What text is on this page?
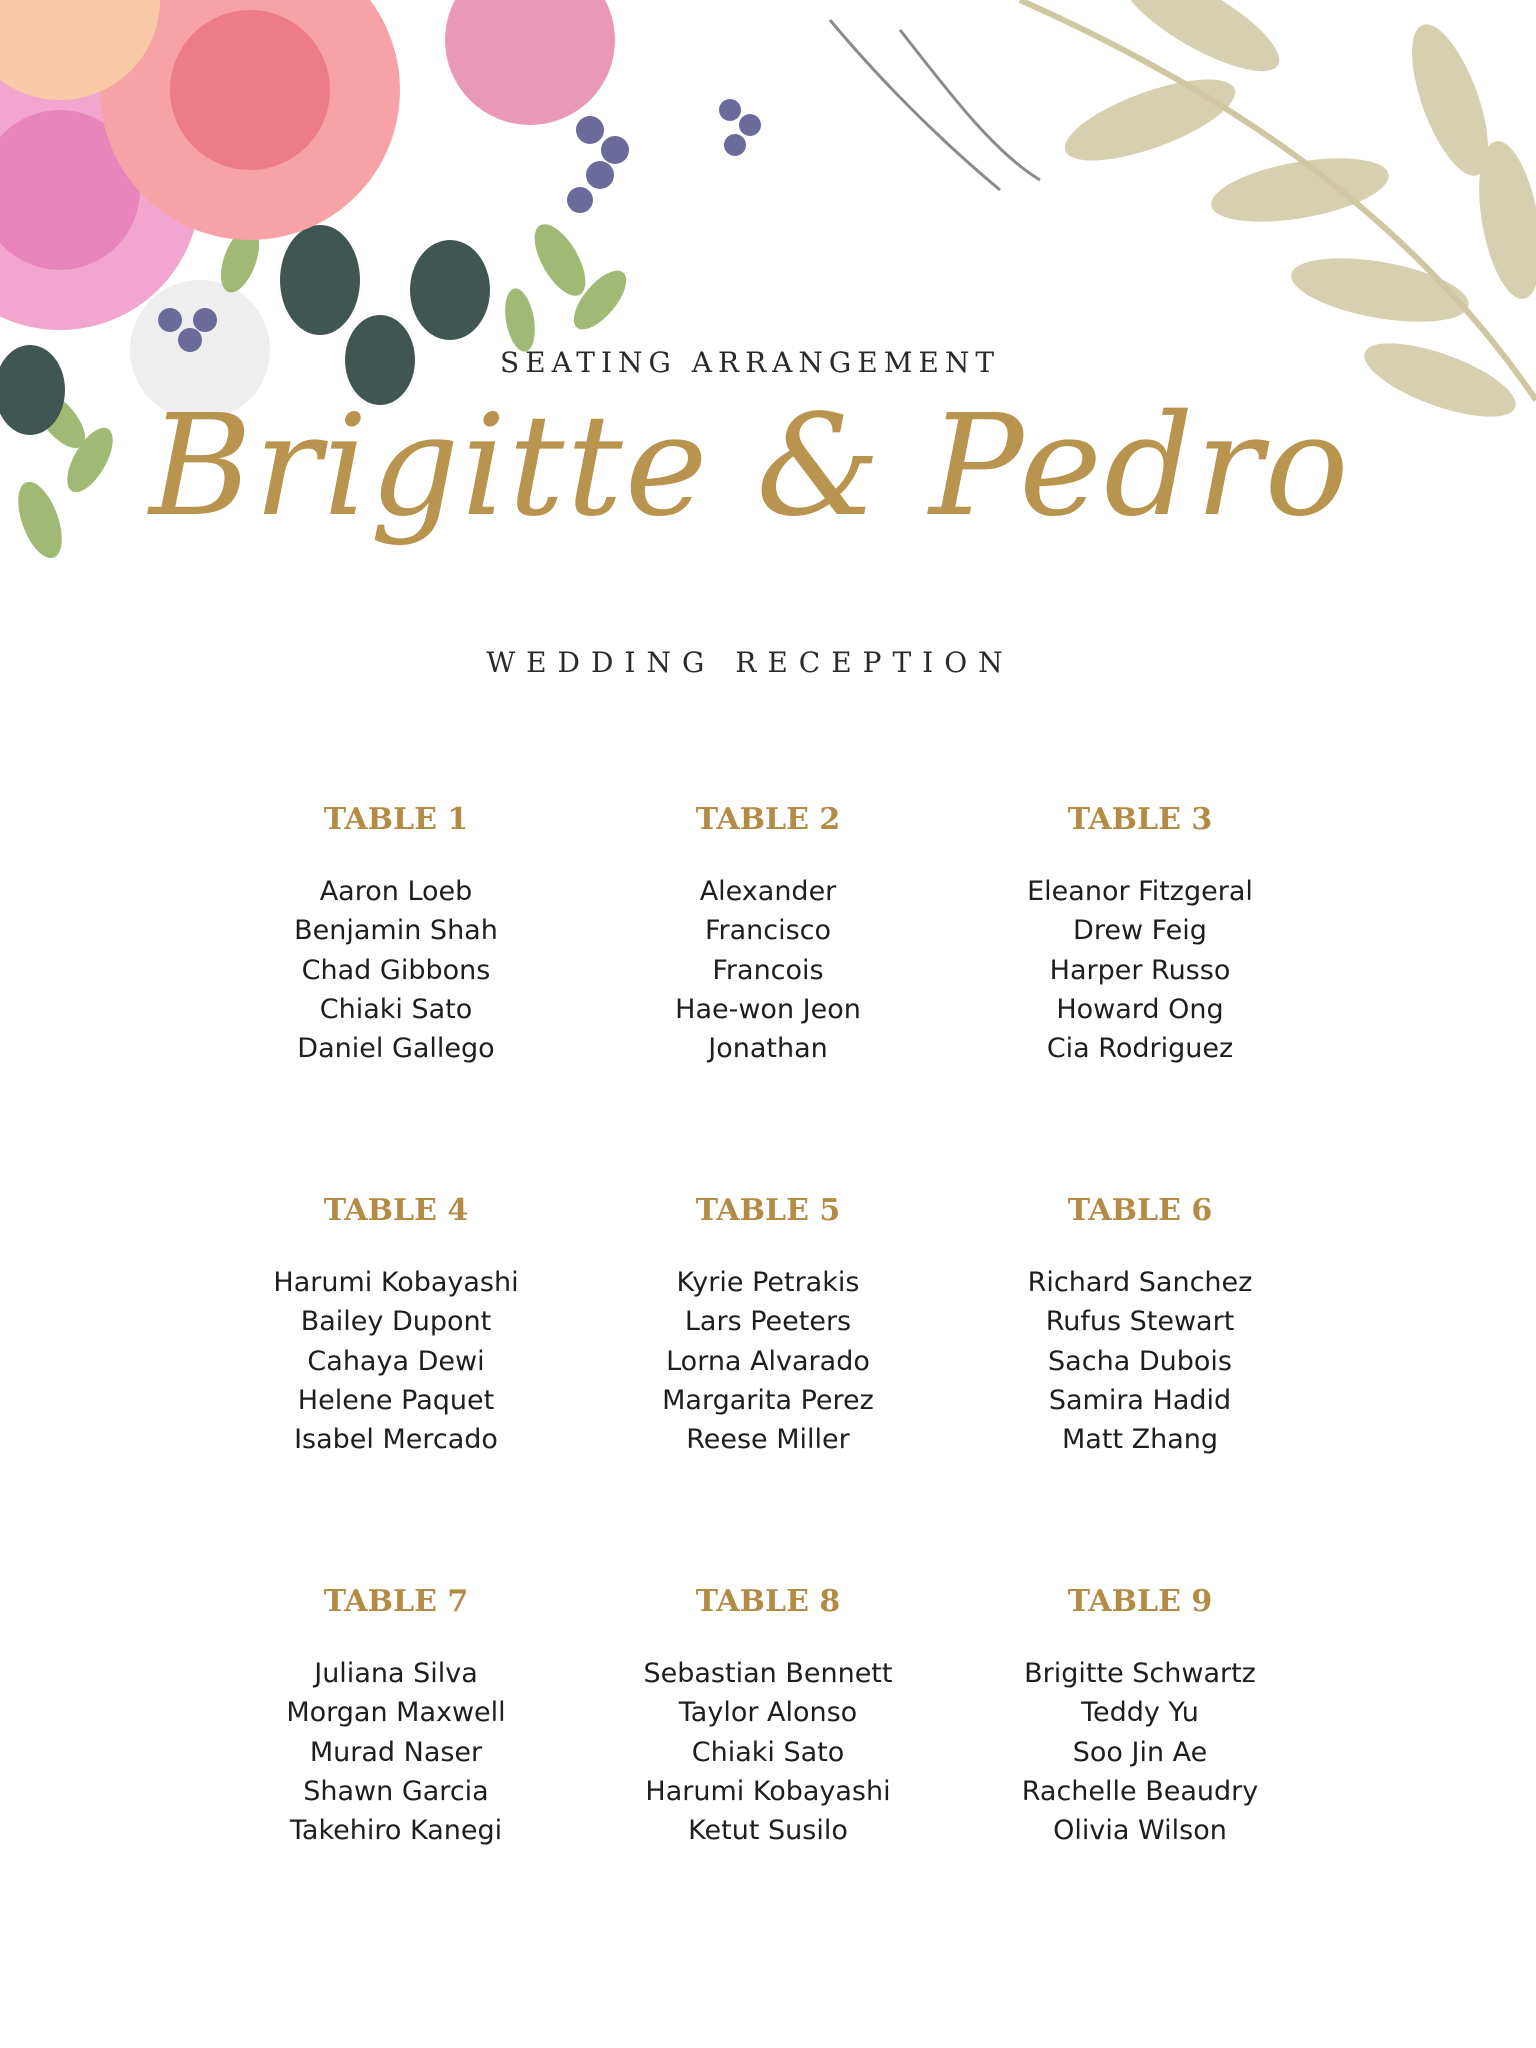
SEATING ARRANGEMENT
Brigitte & Pedro
WEDDING RECEPTION
TABLE 1
Aaron Loeb
Benjamin Shah
Chad Gibbons
Chiaki Sato
Daniel Gallego
TABLE 2
Alexander
Francisco
Francois
Hae-won Jeon
Jonathan
TABLE 3
Eleanor Fitzgeral
Drew Feig
Harper Russo
Howard Ong
Cia Rodriguez
TABLE 4
Harumi Kobayashi
Bailey Dupont
Cahaya Dewi
Helene Paquet
Isabel Mercado
TABLE 5
Kyrie Petrakis
Lars Peeters
Lorna Alvarado
Margarita Perez
Reese Miller
TABLE 6
Richard Sanchez
Rufus Stewart
Sacha Dubois
Samira Hadid
Matt Zhang
TABLE 7
Juliana Silva
Morgan Maxwell
Murad Naser
Shawn Garcia
Takehiro Kanegi
TABLE 8
Sebastian Bennett
Taylor Alonso
Chiaki Sato
Harumi Kobayashi
Ketut Susilo
TABLE 9
Brigitte Schwartz
Teddy Yu
Soo Jin Ae
Rachelle Beaudry
Olivia Wilson
